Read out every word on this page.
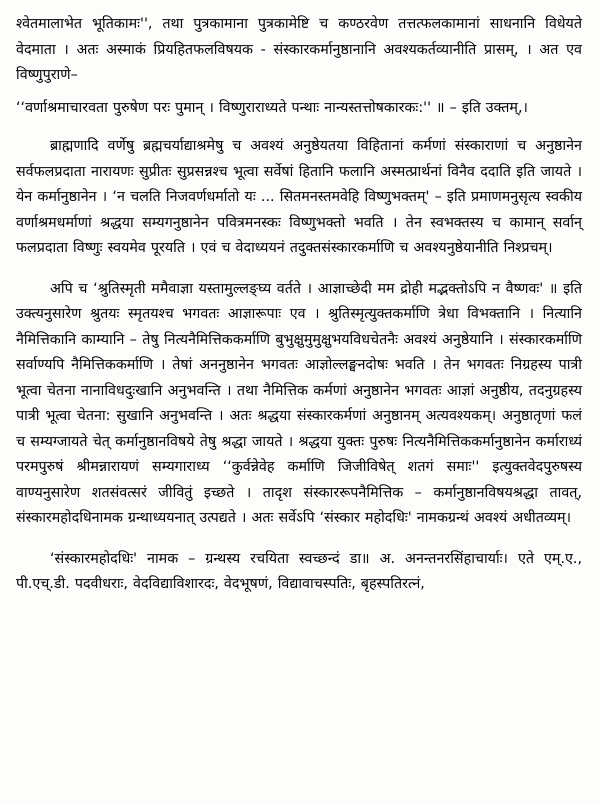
श्वेतमालाभेत भूतिकामः'', तथा पुत्रकामाना पुत्रकामेष्टि च कण्ठरवेण तत्तत्फलकामानां साधनानि विधेयते वेदमाता । अतः अस्माकं प्रियहितफलविषयक - संस्कारकर्मानुष्ठानानि अवश्यकर्तव्यानीति प्रासम्, । अत एव विष्णुपुराणे–

‘‘वर्णाश्रमाचारवता पुरुषेण परः पुमान् । विष्णुराराध्यते पन्थाः नान्यस्तत्तोषकारकः:'' ॥ – इति उक्तम्,।

ब्राह्मणादि वर्णेषु ब्रह्मचर्याद्याश्रमेषु च अवश्यं अनुष्ठेयतया विहितानां कर्मणां संस्काराणां च अनुष्ठानेन सर्वफलप्रदाता नारायणः सुप्रीतः सुप्रसन्नश्च भूत्वा सर्वेषां हितानि फलानि अस्मत्प्रार्थनां विनैव ददाति इति जायते । येन कर्मानुष्ठानेन । ‘न चलति निजवर्णधर्मातो यः ... सितमनस्तमवेहि विष्णुभक्तम्' – इति प्रमाणमनुसृत्य स्वकीय वर्णाश्रमधर्माणां श्रद्धया सम्यगनुष्ठानेन पवित्रमनस्कः विष्णुभक्तो भवति । तेन स्वभक्तस्य च कामान् सर्वान् फलप्रदाता विष्णुः स्वयमेव पूरयति । एवं च वेदाध्ययनं तदुक्तसंस्कारकर्माणि च अवश्यनुष्ठेयानीति निश्प्रचम्।

अपि च ‘श्रुतिस्मृती ममैवाज्ञा यस्तामुल्लङ्घ्य वर्तते । आज्ञाच्छेदी मम द्रोही मद्भक्तोऽपि न वैष्णवः' ॥ इति उक्त्यनुसारेण श्रुतयः स्मृतयश्च भगवतः आज्ञारूपाः एव । श्रुतिस्मृत्युक्तकर्माणि त्रेधा विभक्तानि । नित्यानि नैमित्तिकानि काम्यानि – तेषु नित्यनैमित्तिककर्माणि बुभुक्षुमुमुक्षुभयविधचेतनैः अवश्यं अनुष्ठेयानि । संस्कारकर्माणि सर्वाण्यपि नैमित्तिककर्माणि । तेषां अननुष्ठानेन भगवतः आज्ञोल्लङ्घनदोषः भवति । तेन भगवतः निग्रहस्य पात्री भूत्वा चेतना नानाविधदुःखानि अनुभवन्ति । तथा नैमित्तिक कर्मणां अनुष्ठानेन भगवतः आज्ञां अनुष्ठीय, तदनुग्रहस्य पात्री भूत्वा चेतना: सुखानि अनुभवन्ति । अतः श्रद्धया संस्कारकर्मणां अनुष्ठानम् अत्यवश्यकम्। अनुष्ठातृणां फलं च सम्यग्जायते चेत् कर्मानुष्ठानविषये तेषु श्रद्धा जायते । श्रद्धया युक्तः पुरुषः नित्यनैमित्तिककर्मानुष्ठानेन कर्माराध्यं परमपुरुषं श्रीमन्नारायणं सम्यगाराध्य ‘‘कुर्वन्नेवेह कर्माणि जिजीविषेत् शतगं समाः'' इत्युक्तवेदपुरुषस्य वाण्यनुसारेण शतसंवत्सरं जीवितुं इच्छते । तादृश संस्काररूपनैमित्तिक – कर्मानुष्ठानविषयश्रद्धा तावत्, संस्कारमहोदधिनामक ग्रन्थाध्ययनात् उत्पद्यते । अतः सर्वेऽपि ‘संस्कार महोदधिः' नामकग्रन्थं अवश्यं अधीतव्यम्।

‘संस्कारमहोदधिः' नामक – ग्रन्थस्य रचयिता स्वच्छन्दं डा॥ अ. अनन्तनरसिंहाचार्याः। एते एम्.ए., पी.एच्.डी. पदवीधराः, वेदविद्याविशारदः, वेदभूषणं, विद्यावाचस्पतिः, बृहस्पतिरत्नं,
